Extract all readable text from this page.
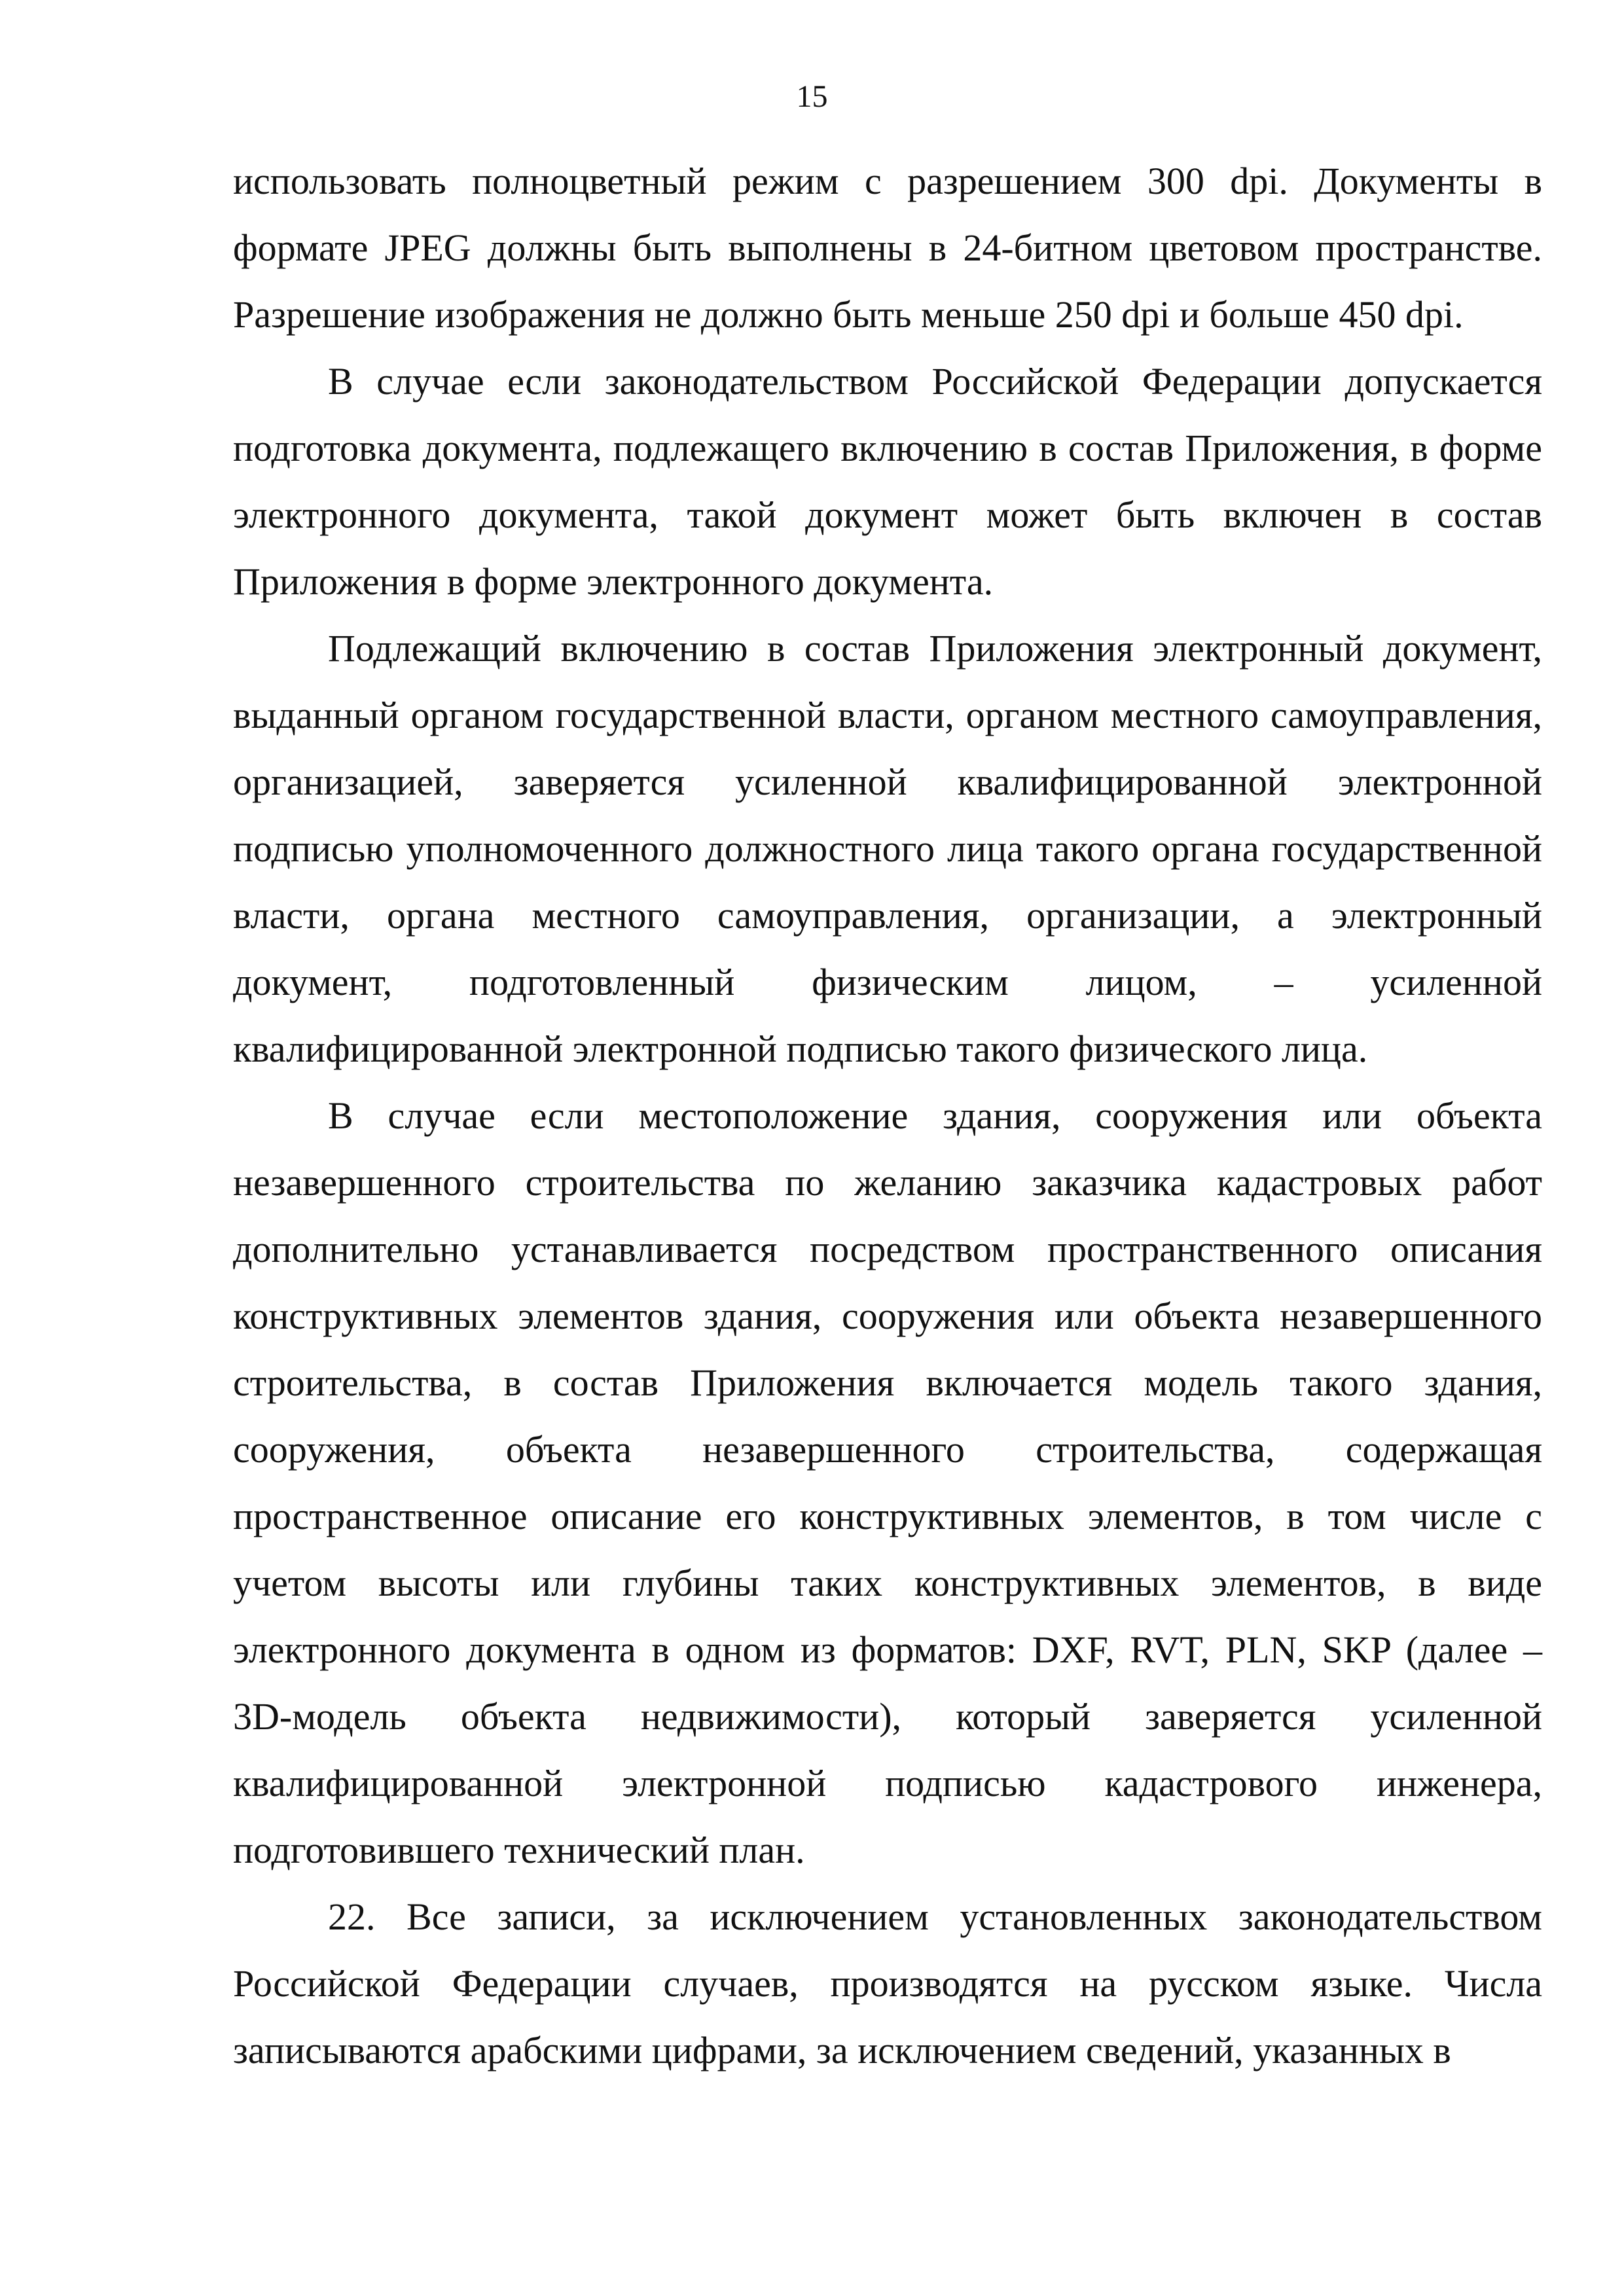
15

использовать полноцветный режим с разрешением 300 dpi. Документы в формате JPEG должны быть выполнены в 24-битном цветовом пространстве. Разрешение изображения не должно быть меньше 250 dpi и больше 450 dpi.

В случае если законодательством Российской Федерации допускается подготовка документа, подлежащего включению в состав Приложения, в форме электронного документа, такой документ может быть включен в состав Приложения в форме электронного документа.

Подлежащий включению в состав Приложения электронный документ, выданный органом государственной власти, органом местного самоуправления, организацией, заверяется усиленной квалифицированной электронной подписью уполномоченного должностного лица такого органа государственной власти, органа местного самоуправления, организации, а электронный документ, подготовленный физическим лицом, – усиленной квалифицированной электронной подписью такого физического лица.

В случае если местоположение здания, сооружения или объекта незавершенного строительства по желанию заказчика кадастровых работ дополнительно устанавливается посредством пространственного описания конструктивных элементов здания, сооружения или объекта незавершенного строительства, в состав Приложения включается модель такого здания, сооружения, объекта незавершенного строительства, содержащая пространственное описание его конструктивных элементов, в том числе с учетом высоты или глубины таких конструктивных элементов, в виде электронного документа в одном из форматов: DXF, RVT, PLN, SKP (далее – 3D-модель объекта недвижимости), который заверяется усиленной квалифицированной электронной подписью кадастрового инженера, подготовившего технический план.

22. Все записи, за исключением установленных законодательством Российской Федерации случаев, производятся на русском языке. Числа записываются арабскими цифрами, за исключением сведений, указанных в
